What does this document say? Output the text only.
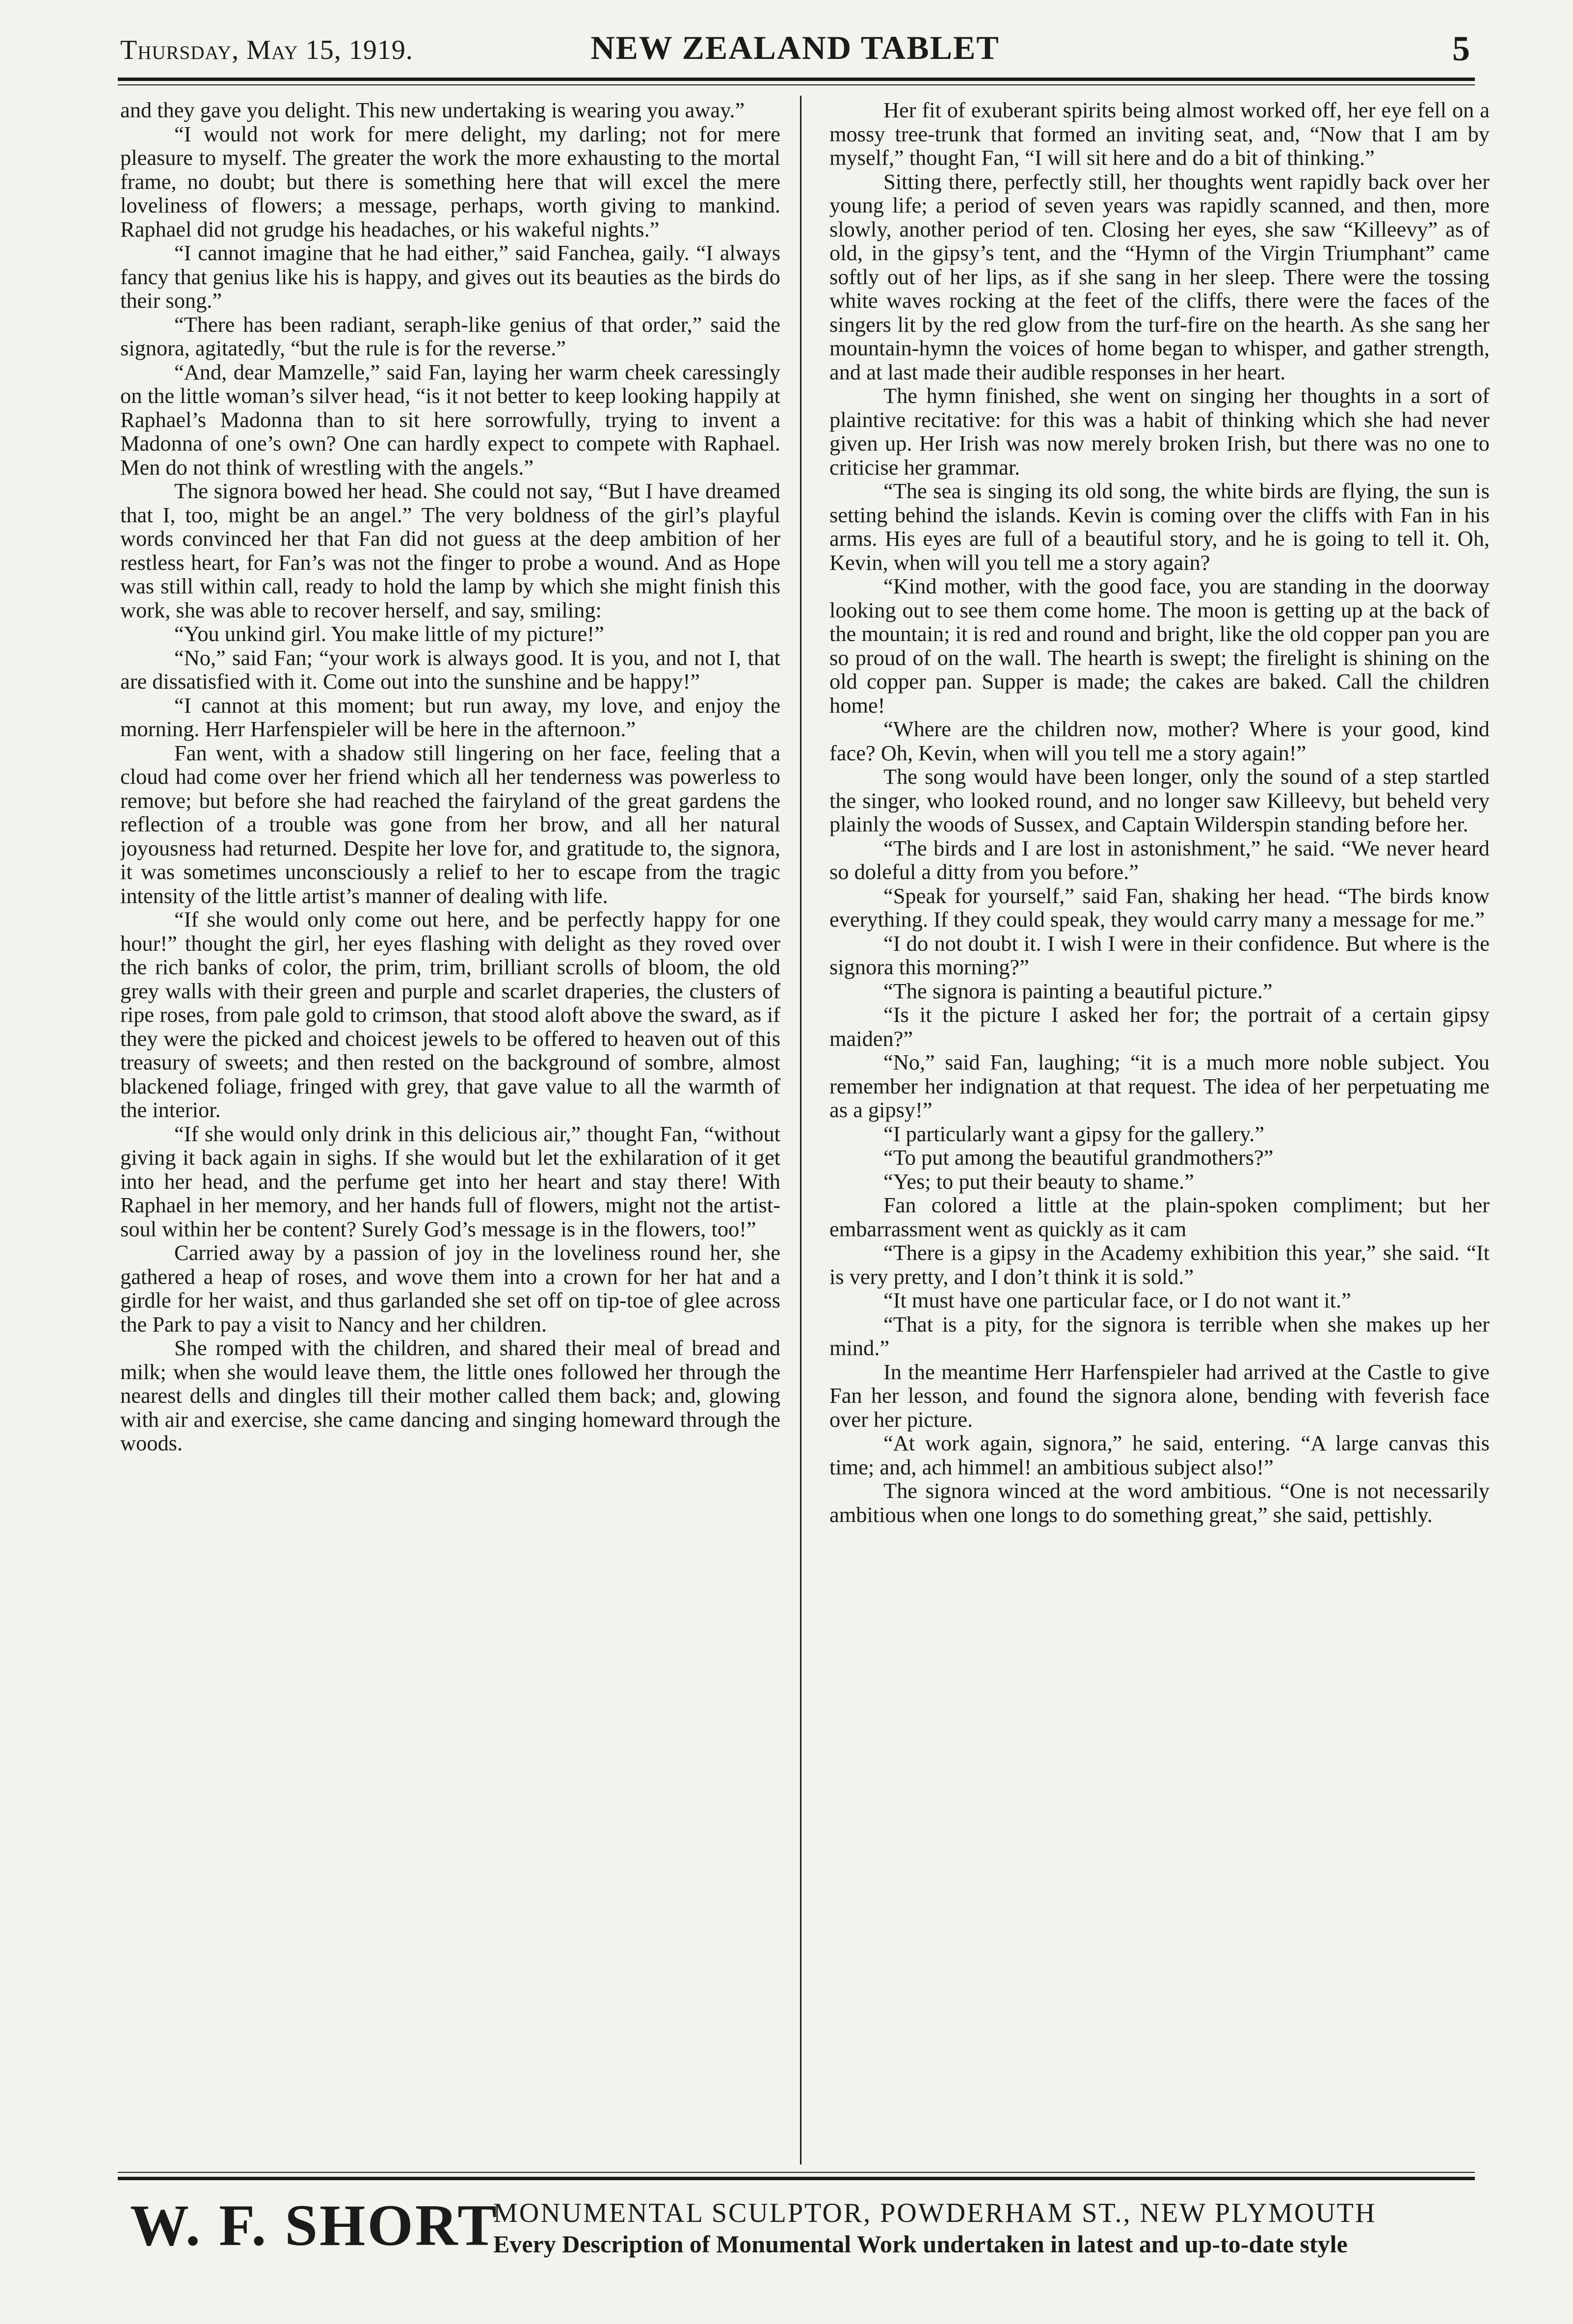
Thursday, May 15, 1919.	NEW ZEALAND TABLET	5

and they gave you delight. This new undertaking is wearing you away.”

“I would not work for mere delight, my darling; not for mere pleasure to myself. The greater the work the more exhausting to the mortal frame, no doubt; but there is something here that will excel the mere loveliness of flowers; a message, perhaps, worth giving to mankind. Raphael did not grudge his headaches, or his wakeful nights.”

“I cannot imagine that he had either,” said Fanchea, gaily. “I always fancy that genius like his is happy, and gives out its beauties as the birds do their song.”

“There has been radiant, seraph-like genius of that order,” said the signora, agitatedly, “but the rule is for the reverse.”

“And, dear Mamzelle,” said Fan, laying her warm cheek caressingly on the little woman’s silver head, “is it not better to keep looking happily at Raphael’s Madonna than to sit here sorrowfully, trying to invent a Madonna of one’s own? One can hardly expect to compete with Raphael. Men do not think of wrestling with the angels.”

The signora bowed her head. She could not say, “But I have dreamed that I, too, might be an angel.” The very boldness of the girl’s playful words convinced her that Fan did not guess at the deep ambition of her restless heart, for Fan’s was not the finger to probe a wound. And as Hope was still within call, ready to hold the lamp by which she might finish this work, she was able to recover herself, and say, smiling:

“You unkind girl. You make little of my picture!”

“No,” said Fan; “your work is always good. It is you, and not I, that are dissatisfied with it. Come out into the sunshine and be happy!”

“I cannot at this moment; but run away, my love, and enjoy the morning. Herr Harfenspieler will be here in the afternoon.”

Fan went, with a shadow still lingering on her face, feeling that a cloud had come over her friend which all her tenderness was powerless to remove; but before she had reached the fairyland of the great gardens the reflection of a trouble was gone from her brow, and all her natural joyousness had returned. Despite her love for, and gratitude to, the signora, it was sometimes unconsciously a relief to her to escape from the tragic intensity of the little artist’s manner of dealing with life.

“If she would only come out here, and be perfectly happy for one hour!” thought the girl, her eyes flashing with delight as they roved over the rich banks of color, the prim, trim, brilliant scrolls of bloom, the old grey walls with their green and purple and scarlet draperies, the clusters of ripe roses, from pale gold to crimson, that stood aloft above the sward, as if they were the picked and choicest jewels to be offered to heaven out of this treasury of sweets; and then rested on the background of sombre, almost blackened foliage, fringed with grey, that gave value to all the warmth of the interior.

“If she would only drink in this delicious air,” thought Fan, “without giving it back again in sighs. If she would but let the exhilaration of it get into her head, and the perfume get into her heart and stay there! With Raphael in her memory, and her hands full of flowers, might not the artist-soul within her be content? Surely God’s message is in the flowers, too!”

Carried away by a passion of joy in the loveliness round her, she gathered a heap of roses, and wove them into a crown for her hat and a girdle for her waist, and thus garlanded she set off on tip-toe of glee across the Park to pay a visit to Nancy and her children.

She romped with the children, and shared their meal of bread and milk; when she would leave them, the little ones followed her through the nearest dells and dingles till their mother called them back; and, glowing with air and exercise, she came dancing and singing homeward through the woods.

Her fit of exuberant spirits being almost worked off, her eye fell on a mossy tree-trunk that formed an inviting seat, and, “Now that I am by myself,” thought Fan, “I will sit here and do a bit of thinking.”

Sitting there, perfectly still, her thoughts went rapidly back over her young life; a period of seven years was rapidly scanned, and then, more slowly, another period of ten. Closing her eyes, she saw “Killeevy” as of old, in the gipsy’s tent, and the “Hymn of the Virgin Triumphant” came softly out of her lips, as if she sang in her sleep. There were the tossing white waves rocking at the feet of the cliffs, there were the faces of the singers lit by the red glow from the turf-fire on the hearth. As she sang her mountain-hymn the voices of home began to whisper, and gather strength, and at last made their audible responses in her heart.

The hymn finished, she went on singing her thoughts in a sort of plaintive recitative: for this was a habit of thinking which she had never given up. Her Irish was now merely broken Irish, but there was no one to criticise her grammar.

“The sea is singing its old song, the white birds are flying, the sun is setting behind the islands. Kevin is coming over the cliffs with Fan in his arms. His eyes are full of a beautiful story, and he is going to tell it. Oh, Kevin, when will you tell me a story again?

“Kind mother, with the good face, you are standing in the doorway looking out to see them come home. The moon is getting up at the back of the mountain; it is red and round and bright, like the old copper pan you are so proud of on the wall. The hearth is swept; the firelight is shining on the old copper pan. Supper is made; the cakes are baked. Call the children home!

“Where are the children now, mother? Where is your good, kind face? Oh, Kevin, when will you tell me a story again!”

The song would have been longer, only the sound of a step startled the singer, who looked round, and no longer saw Killeevy, but beheld very plainly the woods of Sussex, and Captain Wilderspin standing before her.

“The birds and I are lost in astonishment,” he said. “We never heard so doleful a ditty from you before.”

“Speak for yourself,” said Fan, shaking her head. “The birds know everything. If they could speak, they would carry many a message for me.”

“I do not doubt it. I wish I were in their confidence. But where is the signora this morning?”

“The signora is painting a beautiful picture.”

“Is it the picture I asked her for; the portrait of a certain gipsy maiden?”

“No,” said Fan, laughing; “it is a much more noble subject. You remember her indignation at that request. The idea of her perpetuating me as a gipsy!”

“I particularly want a gipsy for the gallery.”

“To put among the beautiful grandmothers?”

“Yes; to put their beauty to shame.”

Fan colored a little at the plain-spoken compliment; but her embarrassment went as quickly as it cam

“There is a gipsy in the Academy exhibition this year,” she said. “It is very pretty, and I don’t think it is sold.”

“It must have one particular face, or I do not want it.”

“That is a pity, for the signora is terrible when she makes up her mind.”

In the meantime Herr Harfenspieler had arrived at the Castle to give Fan her lesson, and found the signora alone, bending with feverish face over her picture.

“At work again, signora,” he said, entering. “A large canvas this time; and, ach himmel! an ambitious subject also!”

The signora winced at the word ambitious. “One is not necessarily ambitious when one longs to do something great,” she said, pettishly.

W. F. SHORT
MONUMENTAL SCULPTOR, POWDERHAM ST., NEW PLYMOUTH
Every Description of Monumental Work undertaken in latest and up-to-date style
